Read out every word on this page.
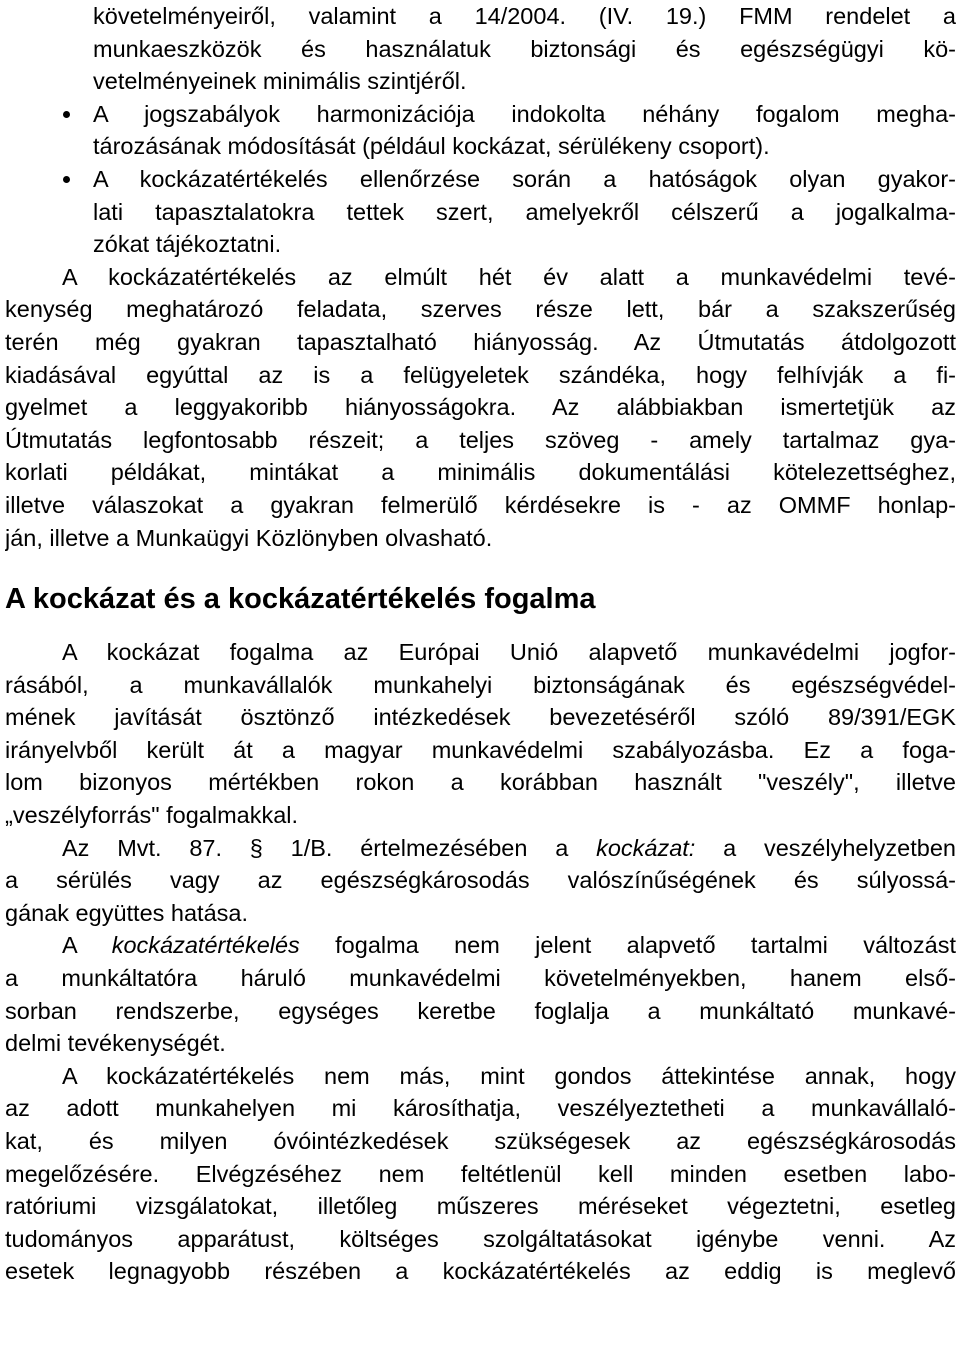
követelményeiről, valamint a 14/2004. (IV. 19.) FMM rendelet a
munkaeszközök és használatuk biztonsági és egészségügyi kö-
vetelményeinek minimális szintjéről.
A jogszabályok harmonizációja indokolta néhány fogalom megha-
tározásának módosítását (például kockázat, sérülékeny csoport).
A kockázatértékelés ellenőrzése során a hatóságok olyan gyakor-
lati tapasztalatokra tettek szert, amelyekről célszerű a jogalkalma-
zókat tájékoztatni.
A kockázatértékelés az elmúlt hét év alatt a munkavédelmi tevé-
kenység meghatározó feladata, szerves része lett, bár a szakszerűség
terén még gyakran tapasztalható hiányosság. Az Útmutatás átdolgozott
kiadásával egyúttal az is a felügyeletek szándéka, hogy felhívják a fi-
gyelmet a leggyakoribb hiányosságokra. Az alábbiakban ismertetjük az
Útmutatás legfontosabb részeit; a teljes szöveg - amely tartalmaz gya-
korlati példákat, mintákat a minimális dokumentálási kötelezettséghez,
illetve válaszokat a gyakran felmerülő kérdésekre is - az OMMF honlap-
ján, illetve a Munkaügyi Közlönyben olvasható.
A kockázat és a kockázatértékelés fogalma
A kockázat fogalma az Európai Unió alapvető munkavédelmi jogfor-
rásából, a munkavállalók munkahelyi biztonságának és egészségvédel-
mének javítását ösztönző intézkedések bevezetéséről szóló 89/391/EGK
irányelvből került át a magyar munkavédelmi szabályozásba. Ez a foga-
lom bizonyos mértékben rokon a korábban használt "veszély", illetve
„veszélyforrás" fogalmakkal.
Az Mvt. 87. § 1/B. értelmezésében a kockázat: a veszélyhelyzetben
a sérülés vagy az egészségkárosodás valószínűségének és súlyossá-
gának együttes hatása.
A kockázatértékelés fogalma nem jelent alapvető tartalmi változást
a munkáltatóra háruló munkavédelmi követelményekben, hanem első-
sorban rendszerbe, egységes keretbe foglalja a munkáltató munkavé-
delmi tevékenységét.
A kockázatértékelés nem más, mint gondos áttekintése annak, hogy
az adott munkahelyen mi károsíthatja, veszélyeztetheti a munkavállaló-
kat, és milyen óvóintézkedések szükségesek az egészségkárosodás
megelőzésére. Elvégzéséhez nem feltétlenül kell minden esetben labo-
ratóriumi vizsgálatokat, illetőleg műszeres méréseket végeztetni, esetleg
tudományos apparátust, költséges szolgáltatásokat igénybe venni. Az
esetek legnagyobb részében a kockázatértékelés az eddig is meglevő
